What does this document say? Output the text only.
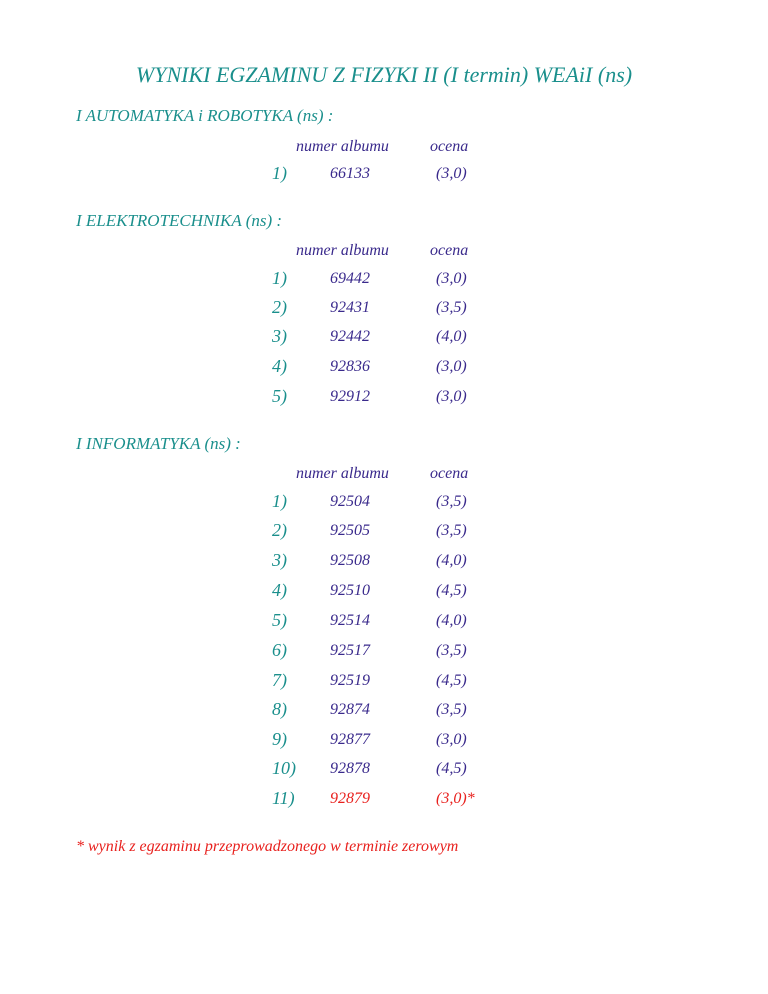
WYNIKI EGZAMINU Z FIZYKI II (I termin) WEAiI (ns)
I AUTOMATYKA i ROBOTYKA (ns) :
numer albumu	ocena
1)	66133	(3,0)
I ELEKTROTECHNIKA (ns) :
numer albumu	ocena
1)	69442	(3,0)
2)	92431	(3,5)
3)	92442	(4,0)
4)	92836	(3,0)
5)	92912	(3,0)
I INFORMATYKA (ns) :
numer albumu	ocena
1)	92504	(3,5)
2)	92505	(3,5)
3)	92508	(4,0)
4)	92510	(4,5)
5)	92514	(4,0)
6)	92517	(3,5)
7)	92519	(4,5)
8)	92874	(3,5)
9)	92877	(3,0)
10) 92878	(4,5)
11) 92879	(3,0)*
* wynik z egzaminu przeprowadzonego w terminie zerowym
